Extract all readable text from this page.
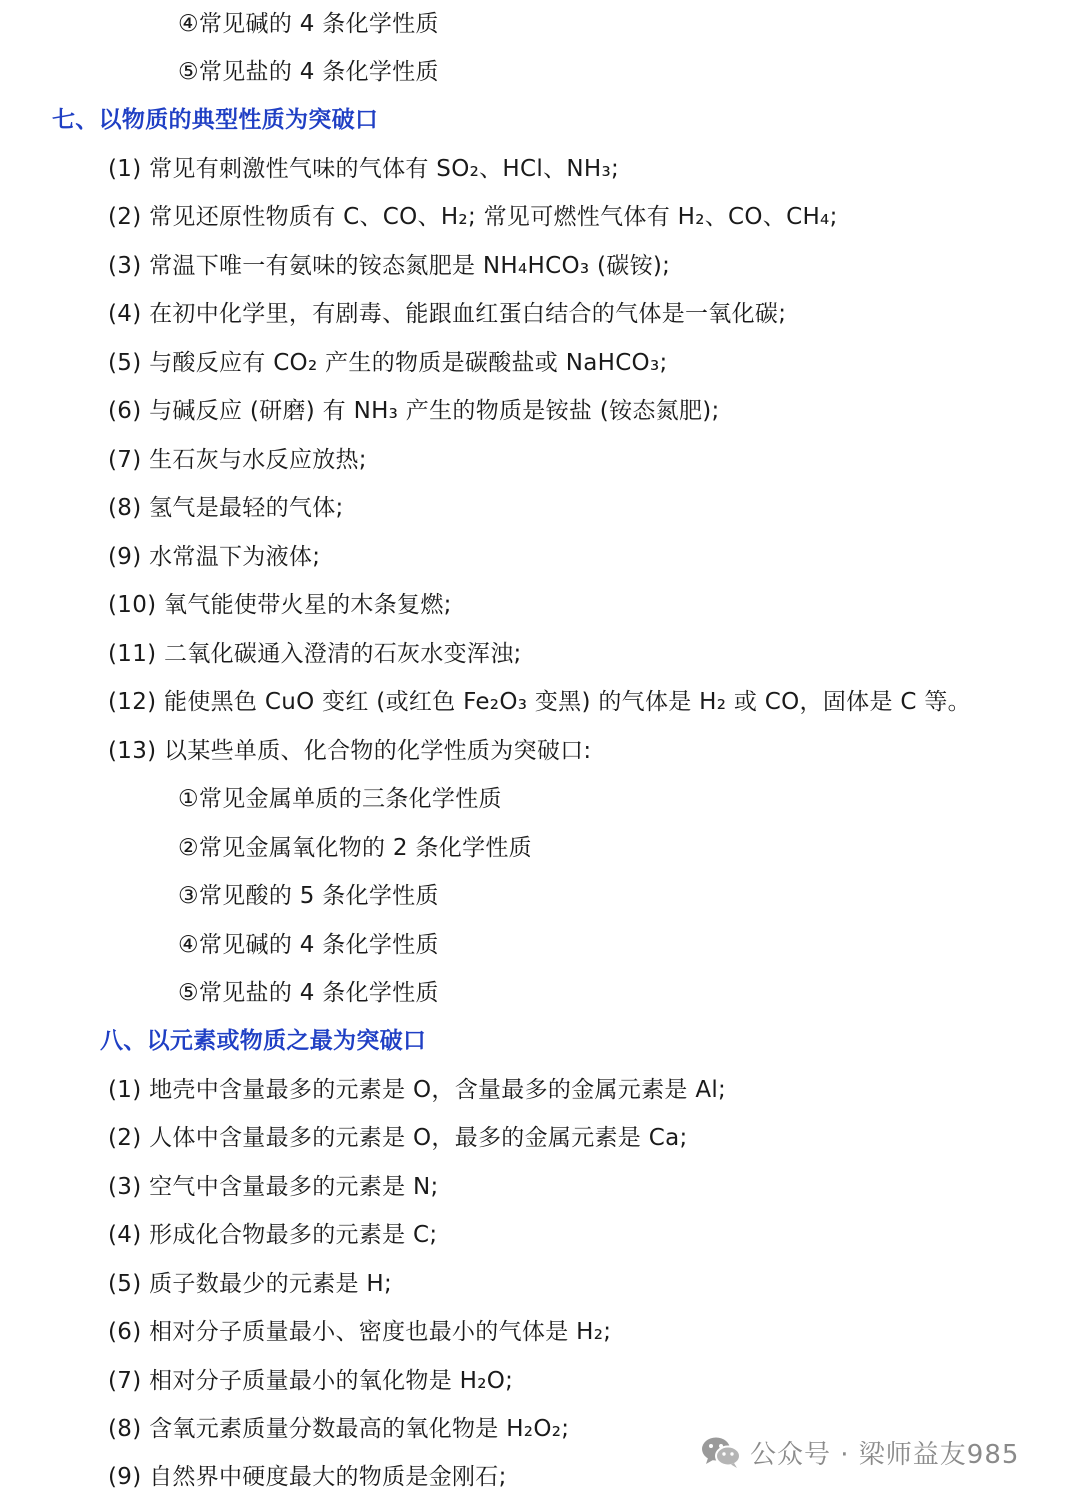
④常见碱的 4 条化学性质
⑤常见盐的 4 条化学性质
七、以物质的典型性质为突破口
(1) 常见有刺激性气味的气体有 SO₂、HCl、NH₃;
(2) 常见还原性物质有 C、CO、H₂; 常见可燃性气体有 H₂、CO、CH₄;
(3) 常温下唯一有氨味的铵态氮肥是 NH₄HCO₃ (碳铵);
(4) 在初中化学里，有剧毒、能跟血红蛋白结合的气体是一氧化碳;
(5) 与酸反应有 CO₂ 产生的物质是碳酸盐或 NaHCO₃;
(6) 与碱反应 (研磨) 有 NH₃ 产生的物质是铵盐 (铵态氮肥);
(7) 生石灰与水反应放热;
(8) 氢气是最轻的气体;
(9) 水常温下为液体;
(10) 氧气能使带火星的木条复燃;
(11) 二氧化碳通入澄清的石灰水变浑浊;
(12) 能使黑色 CuO 变红 (或红色 Fe₂O₃ 变黑) 的气体是 H₂ 或 CO，固体是 C 等。
(13) 以某些单质、化合物的化学性质为突破口:
①常见金属单质的三条化学性质
②常见金属氧化物的 2 条化学性质
③常见酸的 5 条化学性质
④常见碱的 4 条化学性质
⑤常见盐的 4 条化学性质
八、以元素或物质之最为突破口
(1) 地壳中含量最多的元素是 O，含量最多的金属元素是 Al;
(2) 人体中含量最多的元素是 O，最多的金属元素是 Ca;
(3) 空气中含量最多的元素是 N;
(4) 形成化合物最多的元素是 C;
(5) 质子数最少的元素是 H;
(6) 相对分子质量最小、密度也最小的气体是 H₂;
(7) 相对分子质量最小的氧化物是 H₂O;
(8) 含氧元素质量分数最高的氧化物是 H₂O₂;
(9) 自然界中硬度最大的物质是金刚石;
公众号 · 梁师益友985
